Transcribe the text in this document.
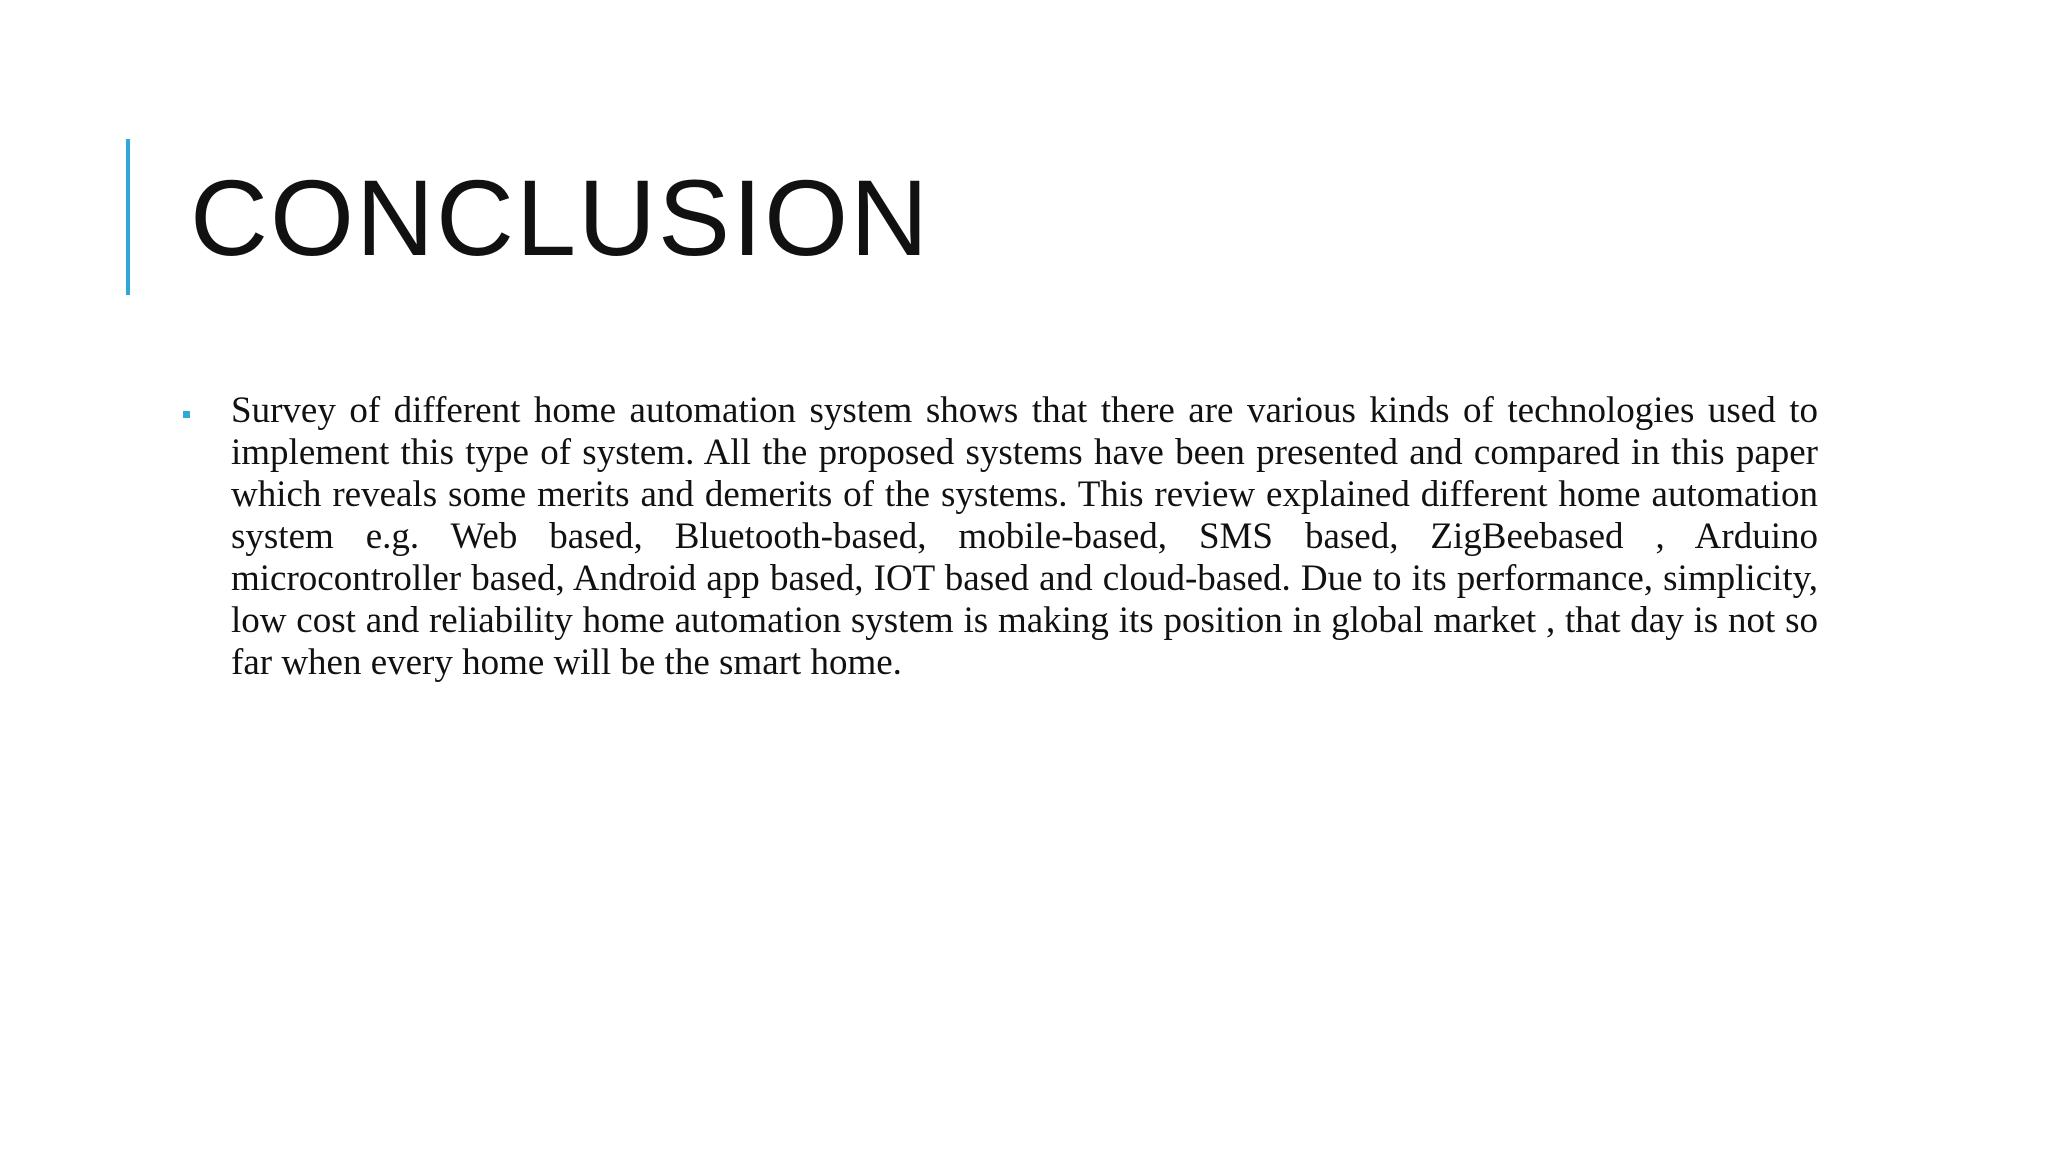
CONCLUSION
Survey of different home automation system shows that there are various kinds of technologies used to implement this type of system. All the proposed systems have been presented and compared in this paper which reveals some merits and demerits of the systems. This review explained different home automation system e.g. Web based, Bluetooth-based, mobile-based, SMS based, ZigBeebased , Arduino microcontroller based, Android app based, IOT based and cloud-based. Due to its performance, simplicity, low cost and reliability home automation system is making its position in global market , that day is not so far when every home will be the smart home.
